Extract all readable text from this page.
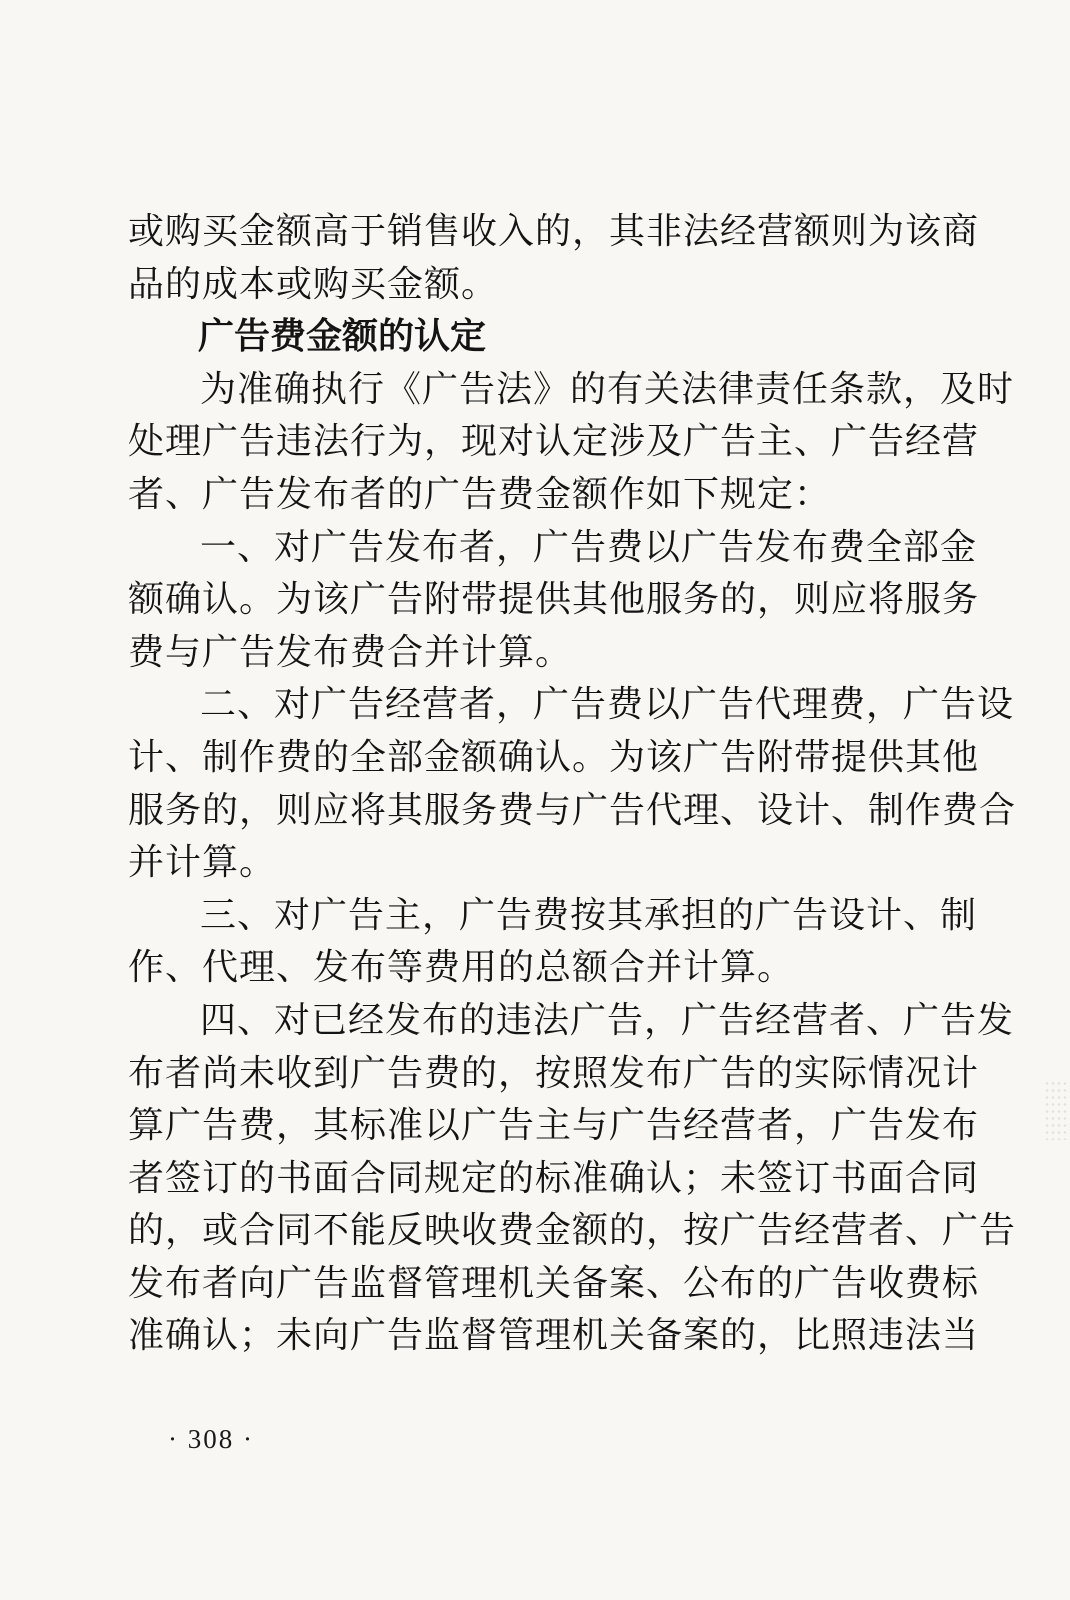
或购买金额高于销售收入的，其非法经营额则为该商
品的成本或购买金额。
广告费金额的认定
为准确执行《广告法》的有关法律责任条款，及时
处理广告违法行为，现对认定涉及广告主、广告经营
者、广告发布者的广告费金额作如下规定：
一、对广告发布者，广告费以广告发布费全部金
额确认。为该广告附带提供其他服务的，则应将服务
费与广告发布费合并计算。
二、对广告经营者，广告费以广告代理费，广告设
计、制作费的全部金额确认。为该广告附带提供其他
服务的，则应将其服务费与广告代理、设计、制作费合
并计算。
三、对广告主，广告费按其承担的广告设计、制
作、代理、发布等费用的总额合并计算。
四、对已经发布的违法广告，广告经营者、广告发
布者尚未收到广告费的，按照发布广告的实际情况计
算广告费，其标准以广告主与广告经营者，广告发布
者签订的书面合同规定的标准确认；未签订书面合同
的，或合同不能反映收费金额的，按广告经营者、广告
发布者向广告监督管理机关备案、公布的广告收费标
准确认；未向广告监督管理机关备案的，比照违法当
· 308 ·
